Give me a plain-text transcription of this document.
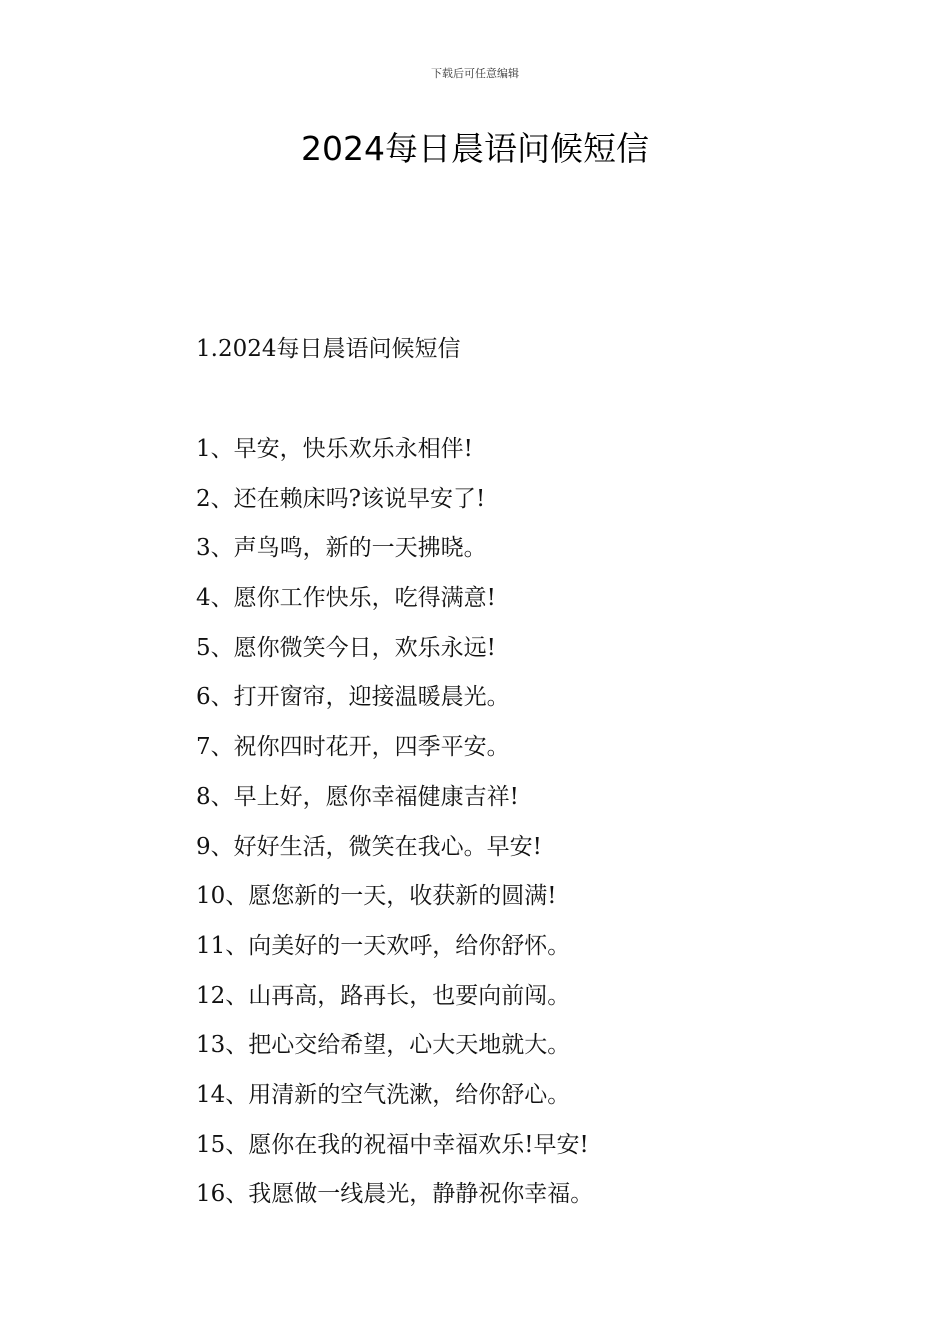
下载后可任意编辑
2024每日晨语问候短信
1.2024每日晨语问候短信
1、早安，快乐欢乐永相伴!
2、还在赖床吗?该说早安了!
3、声鸟鸣，新的一天拂晓。
4、愿你工作快乐，吃得满意!
5、愿你微笑今日，欢乐永远!
6、打开窗帘，迎接温暖晨光。
7、祝你四时花开，四季平安。
8、早上好，愿你幸福健康吉祥!
9、好好生活，微笑在我心。早安!
10、愿您新的一天，收获新的圆满!
11、向美好的一天欢呼，给你舒怀。
12、山再高，路再长，也要向前闯。
13、把心交给希望，心大天地就大。
14、用清新的空气洗漱，给你舒心。
15、愿你在我的祝福中幸福欢乐!早安!
16、我愿做一线晨光，静静祝你幸福。
